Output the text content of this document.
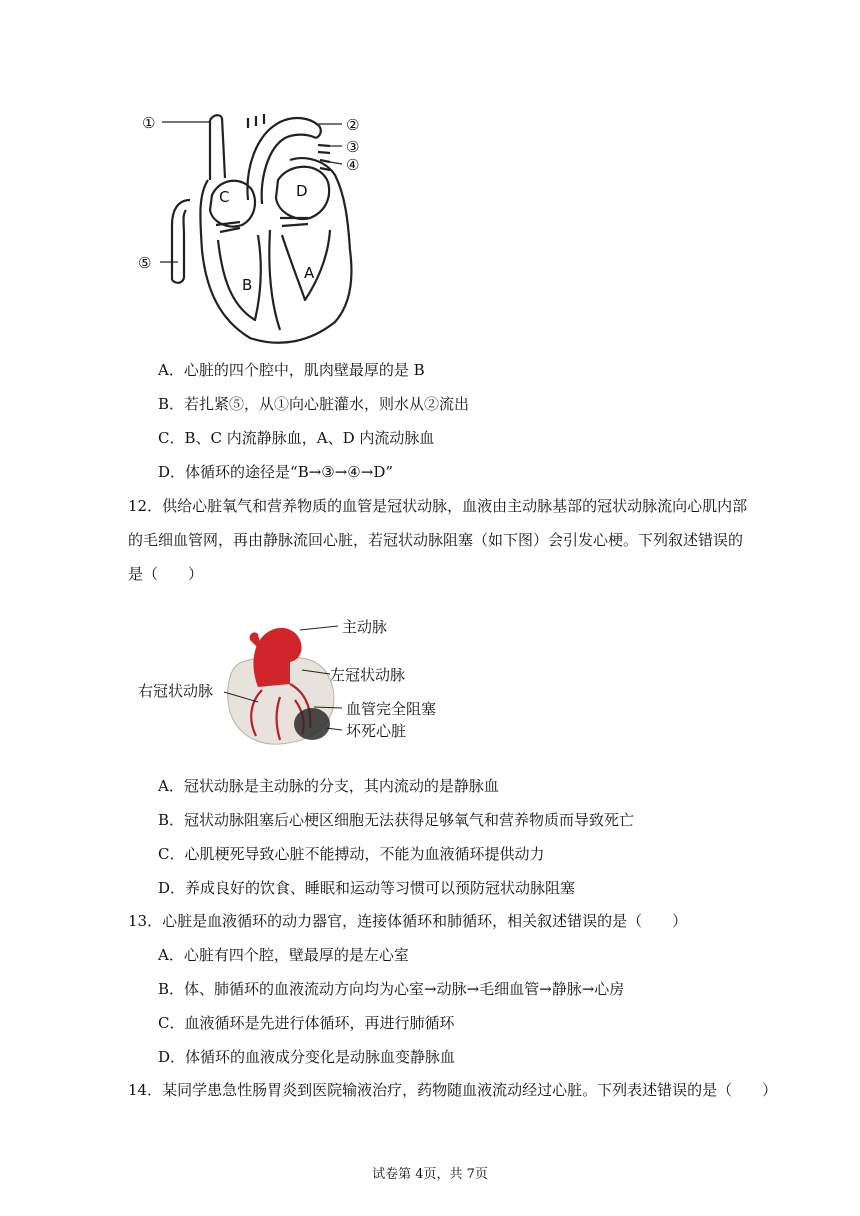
①	②
③
④
⑤
C	D
B
A
A．心脏的四个腔中，肌肉壁最厚的是 B
B．若扎紧⑤，从①向心脏灌水，则水从②流出
C．B、C 内流静脉血，A、D 内流动脉血
D．体循环的途径是“B→③→④→D”
12．供给心脏氧气和营养物质的血管是冠状动脉，血液由主动脉基部的冠状动脉流向心肌内部的毛细血管网，再由静脉流回心脏，若冠状动脉阻塞（如下图）会引发心梗。下列叙述错误的是（　　）
主动脉
左冠状动脉
右冠状动脉
血管完全阻塞
坏死心脏
A．冠状动脉是主动脉的分支，其内流动的是静脉血
B．冠状动脉阻塞后心梗区细胞无法获得足够氧气和营养物质而导致死亡
C．心肌梗死导致心脏不能搏动，不能为血液循环提供动力
D．养成良好的饮食、睡眠和运动等习惯可以预防冠状动脉阻塞
13．心脏是血液循环的动力器官，连接体循环和肺循环，相关叙述错误的是（　　）
A．心脏有四个腔，壁最厚的是左心室
B．体、肺循环的血液流动方向均为心室→动脉→毛细血管→静脉→心房
C．血液循环是先进行体循环，再进行肺循环
D．体循环的血液成分变化是动脉血变静脉血
14．某同学患急性肠胃炎到医院输液治疗，药物随血液流动经过心脏。下列表述错误的是（　　）
试卷第 4页，共 7页
